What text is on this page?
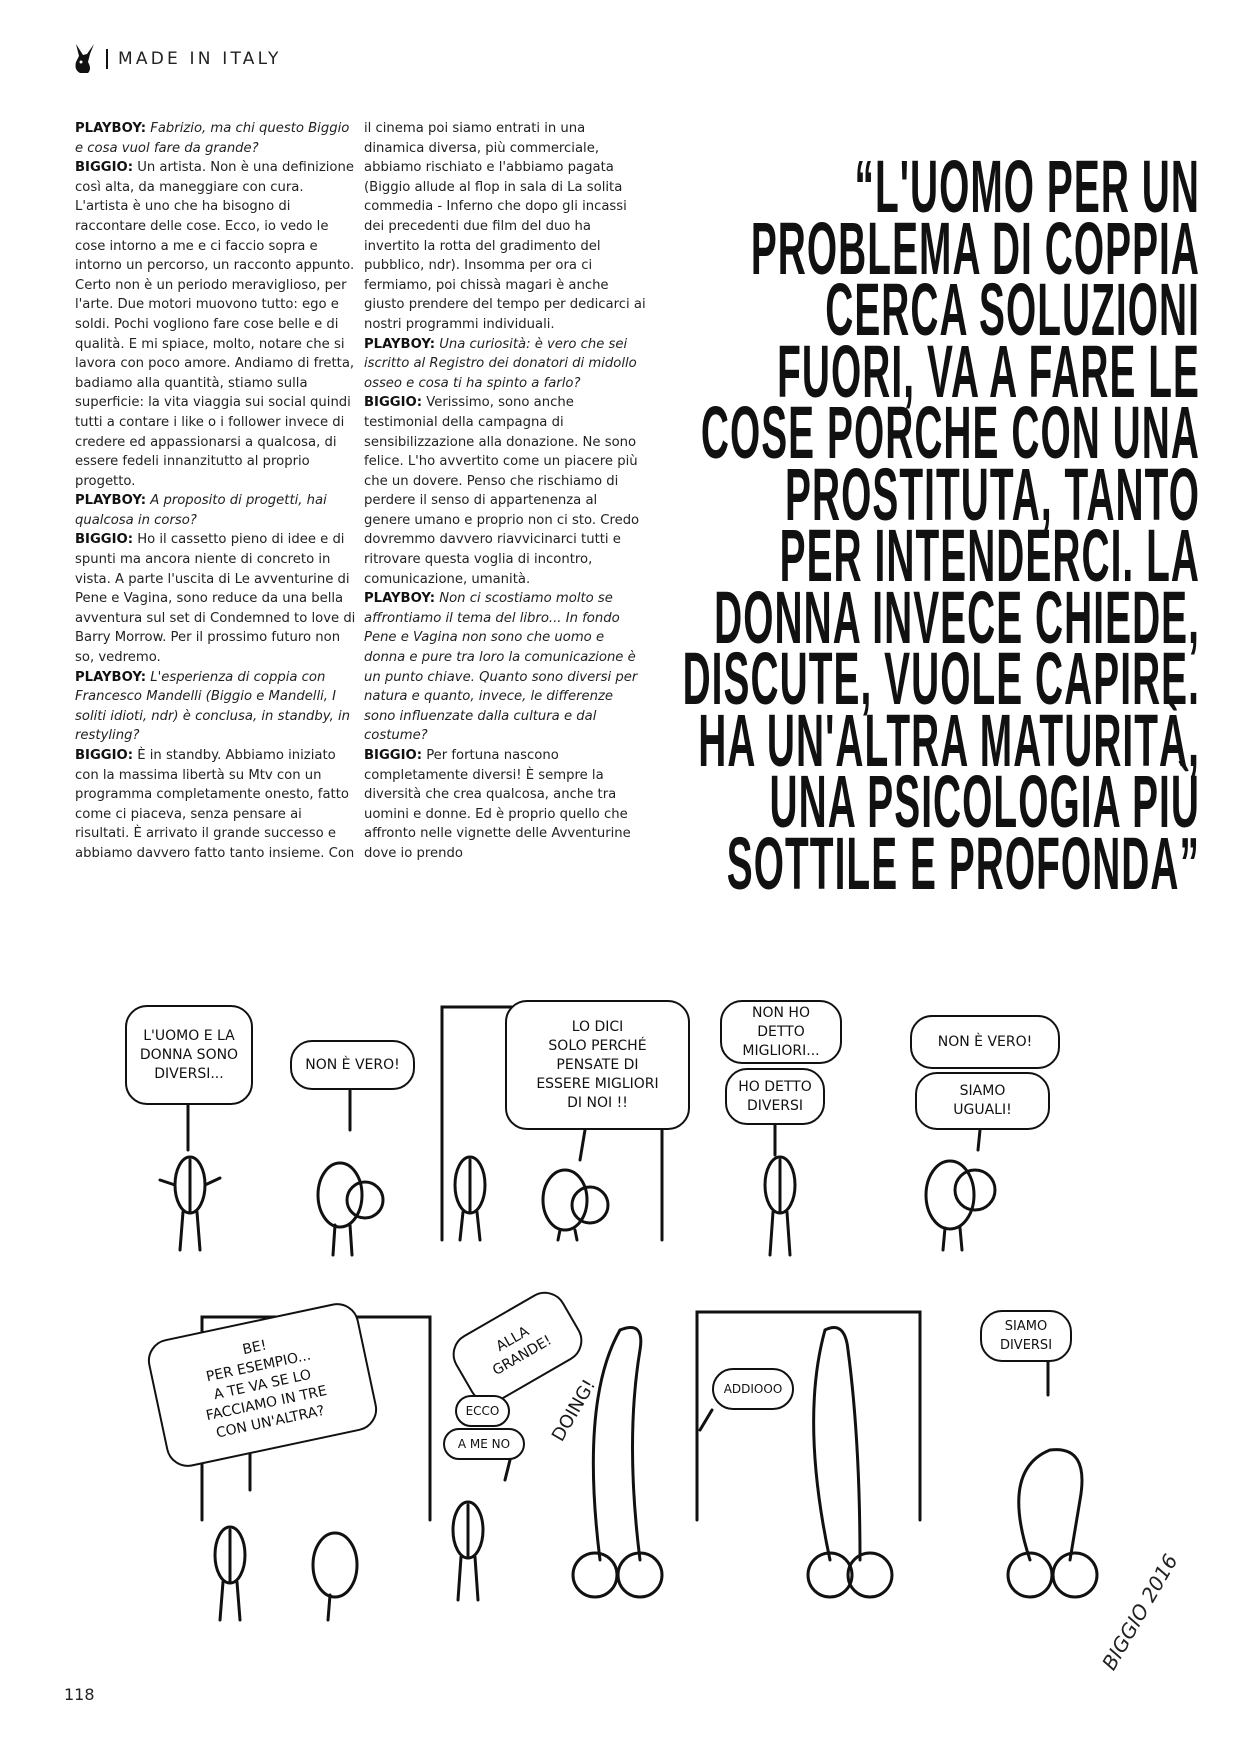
MADE IN ITALY

PLAYBOY: Fabrizio, ma chi questo Biggio e cosa vuol fare da grande?

BIGGIO: Un artista. Non è una definizione così alta, da maneggiare con cura. L'artista è uno che ha bisogno di raccontare delle cose. Ecco, io vedo le cose intorno a me e ci faccio sopra e intorno un percorso, un racconto appunto. Certo non è un periodo meraviglioso, per l'arte. Due motori muovono tutto: ego e soldi. Pochi vogliono fare cose belle e di qualità. E mi spiace, molto, notare che si lavora con poco amore. Andiamo di fretta, badiamo alla quantità, stiamo sulla superficie: la vita viaggia sui social quindi tutti a contare i like o i follower invece di credere ed appassionarsi a qualcosa, di essere fedeli innanzitutto al proprio progetto.

PLAYBOY: A proposito di progetti, hai qualcosa in corso?

BIGGIO: Ho il cassetto pieno di idee e di spunti ma ancora niente di concreto in vista. A parte l'uscita di Le avventurine di Pene e Vagina, sono reduce da una bella avventura sul set di Condemned to love di Barry Morrow. Per il prossimo futuro non so, vedremo.

PLAYBOY: L'esperienza di coppia con Francesco Mandelli (Biggio e Mandelli, I soliti idioti, ndr) è conclusa, in standby, in restyling?

BIGGIO: È in standby. Abbiamo iniziato con la massima libertà su Mtv con un programma completamente onesto, fatto come ci piaceva, senza pensare ai risultati. È arrivato il grande successo e abbiamo davvero fatto tanto insieme. Con

il cinema poi siamo entrati in una dinamica diversa, più commerciale, abbiamo rischiato e l'abbiamo pagata (Biggio allude al flop in sala di La solita commedia - Inferno che dopo gli incassi dei precedenti due film del duo ha invertito la rotta del gradimento del pubblico, ndr). Insomma per ora ci fermiamo, poi chissà magari è anche giusto prendere del tempo per dedicarci ai nostri programmi individuali.

PLAYBOY: Una curiosità: è vero che sei iscritto al Registro dei donatori di midollo osseo e cosa ti ha spinto a farlo?

BIGGIO: Verissimo, sono anche testimonial della campagna di sensibilizzazione alla donazione. Ne sono felice. L'ho avvertito come un piacere più che un dovere. Penso che rischiamo di perdere il senso di appartenenza al genere umano e proprio non ci sto. Credo dovremmo davvero riavvicinarci tutti e ritrovare questa voglia di incontro, comunicazione, umanità.

PLAYBOY: Non ci scostiamo molto se affrontiamo il tema del libro... In fondo Pene e Vagina non sono che uomo e donna e pure tra loro la comunicazione è un punto chiave. Quanto sono diversi per natura e quanto, invece, le differenze sono influenzate dalla cultura e dal costume?

BIGGIO: Per fortuna nascono completamente diversi! È sempre la diversità che crea qualcosa, anche tra uomini e donne. Ed è proprio quello che affronto nelle vignette delle Avventurine dove io prendo

“L'UOMO PER UN
PROBLEMA DI COPPIA
CERCA SOLUZIONI
FUORI, VA A FARE LE
COSE PORCHE CON UNA
PROSTITUTA, TANTO
PER INTENDERCI. LA
DONNA INVECE CHIEDE,
DISCUTE, VUOLE CAPIRE.
HA UN'ALTRA MATURITÀ,
UNA PSICOLOGIA PIÙ
SOTTILE E PROFONDA”
L'UOMO E LA
DONNA SONO
DIVERSI...
NON È VERO!
LO DICI
SOLO PERCHÉ
PENSATE DI
ESSERE MIGLIORI
DI NOI !!
NON HO DETTO
MIGLIORI...
HO DETTO
DIVERSI
NON È VERO!
SIAMO
UGUALI!
BE!
PER ESEMPIO...
A TE VA SE LO
FACCIAMO IN TRE
CON UN'ALTRA?
ALLA
GRANDE!
ECCO
A ME NO	DOING!	ADDIOOO
SIAMO
DIVERSI
BIGGIO 2016
118
